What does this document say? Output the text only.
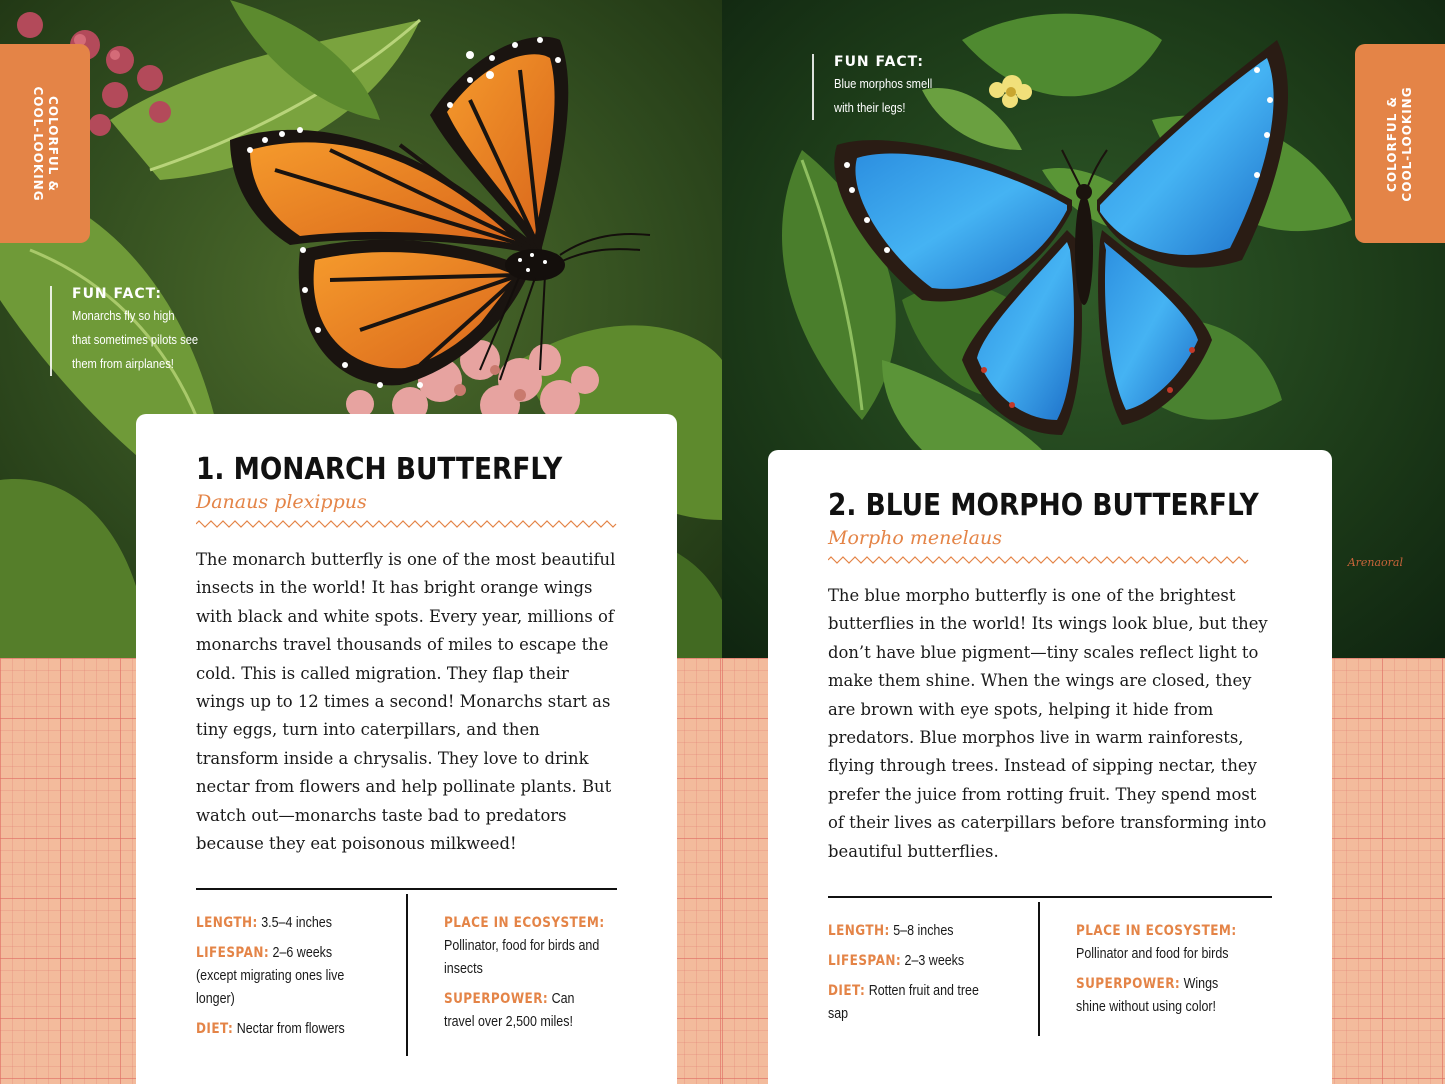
COLORFUL &
COOL-LOOKING
FUN FACT:
Monarchs fly so high
that sometimes pilots see
them from airplanes!
1. MONARCH BUTTERFLY
Danaus plexippus
The monarch butterfly is one of the most beautiful insects in the world! It has bright orange wings with black and white spots. Every year, millions of monarchs travel thousands of miles to escape the cold. This is called migration. They flap their wings up to 12 times a second! Monarchs start as tiny eggs, turn into caterpillars, and then transform inside a chrysalis. They love to drink nectar from flowers and help pollinate plants. But watch out—monarchs taste bad to predators because they eat poisonous milkweed!
LENGTH: 3.5–4 inches
LIFESPAN: 2–6 weeks (except migrating ones live longer)
DIET: Nectar from flowers
PLACE IN ECOSYSTEM: Pollinator, food for birds and insects
SUPERPOWER: Can travel over 2,500 miles!
COLORFUL &
COOL-LOOKING
FUN FACT:
Blue morphos smell
with their legs!
Arenaoral
2. BLUE MORPHO BUTTERFLY
Morpho menelaus
The blue morpho butterfly is one of the brightest butterflies in the world! Its wings look blue, but they don’t have blue pigment—tiny scales reflect light to make them shine. When the wings are closed, they are brown with eye spots, helping it hide from predators. Blue morphos live in warm rainforests, flying through trees. Instead of sipping nectar, they prefer the juice from rotting fruit. They spend most of their lives as caterpillars before transforming into beautiful butterflies.
LENGTH: 5–8 inches
LIFESPAN: 2–3 weeks
DIET: Rotten fruit and tree sap
PLACE IN ECOSYSTEM: Pollinator and food for birds
SUPERPOWER: Wings shine without using color!
